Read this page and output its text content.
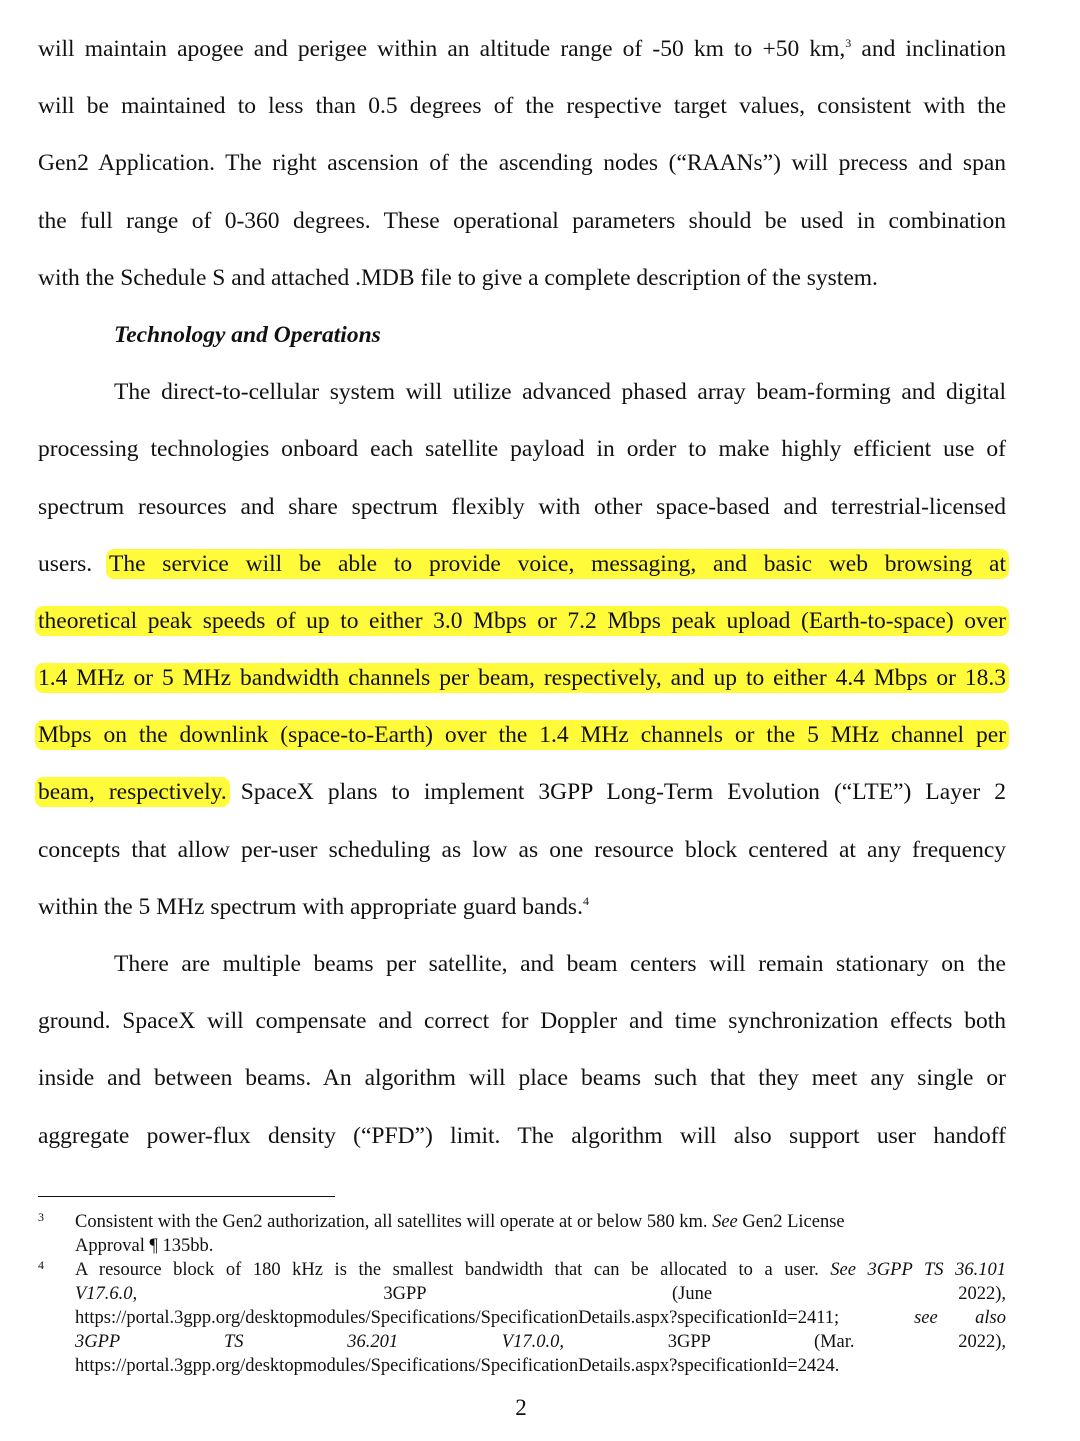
will maintain apogee and perigee within an altitude range of -50 km to +50 km,$^3$ and inclination
will be maintained to less than 0.5 degrees of the respective target values, consistent with the
Gen2 Application. The right ascension of the ascending nodes (“RAANs”) will precess and span
the full range of 0-360 degrees. These operational parameters should be used in combination
with the Schedule S and attached .MDB file to give a complete description of the system.
Technology and Operations
The direct-to-cellular system will utilize advanced phased array beam-forming and digital
processing technologies onboard each satellite payload in order to make highly efficient use of
spectrum resources and share spectrum flexibly with other space-based and terrestrial-licensed
users. The service will be able to provide voice, messaging, and basic web browsing at
theoretical peak speeds of up to either 3.0 Mbps or 7.2 Mbps peak upload (Earth-to-space) over
1.4 MHz or 5 MHz bandwidth channels per beam, respectively, and up to either 4.4 Mbps or 18.3
Mbps on the downlink (space-to-Earth) over the 1.4 MHz channels or the 5 MHz channel per
beam, respectively. SpaceX plans to implement 3GPP Long-Term Evolution (“LTE”) Layer 2
concepts that allow per-user scheduling as low as one resource block centered at any frequency
within the 5 MHz spectrum with appropriate guard bands.$^4$
There are multiple beams per satellite, and beam centers will remain stationary on the
ground. SpaceX will compensate and correct for Doppler and time synchronization effects both
inside and between beams. An algorithm will place beams such that they meet any single or
aggregate power-flux density (“PFD”) limit. The algorithm will also support user handoff
3 Consistent with the Gen2 authorization, all satellites will operate at or below 580 km. See Gen2 License
Approval ¶ 135bb.
4 A resource block of 180 kHz is the smallest bandwidth that can be allocated to a user. See 3GPP TS 36.101
V17.6.0,	3GPP	(June	2022),
https://portal.3gpp.org/desktopmodules/Specifications/SpecificationDetails.aspx?specificationId=2411;	see also
3GPP	TS	36.201	V17.0.0,	3GPP	(Mar.	2022),
https://portal.3gpp.org/desktopmodules/Specifications/SpecificationDetails.aspx?specificationId=2424.
2
